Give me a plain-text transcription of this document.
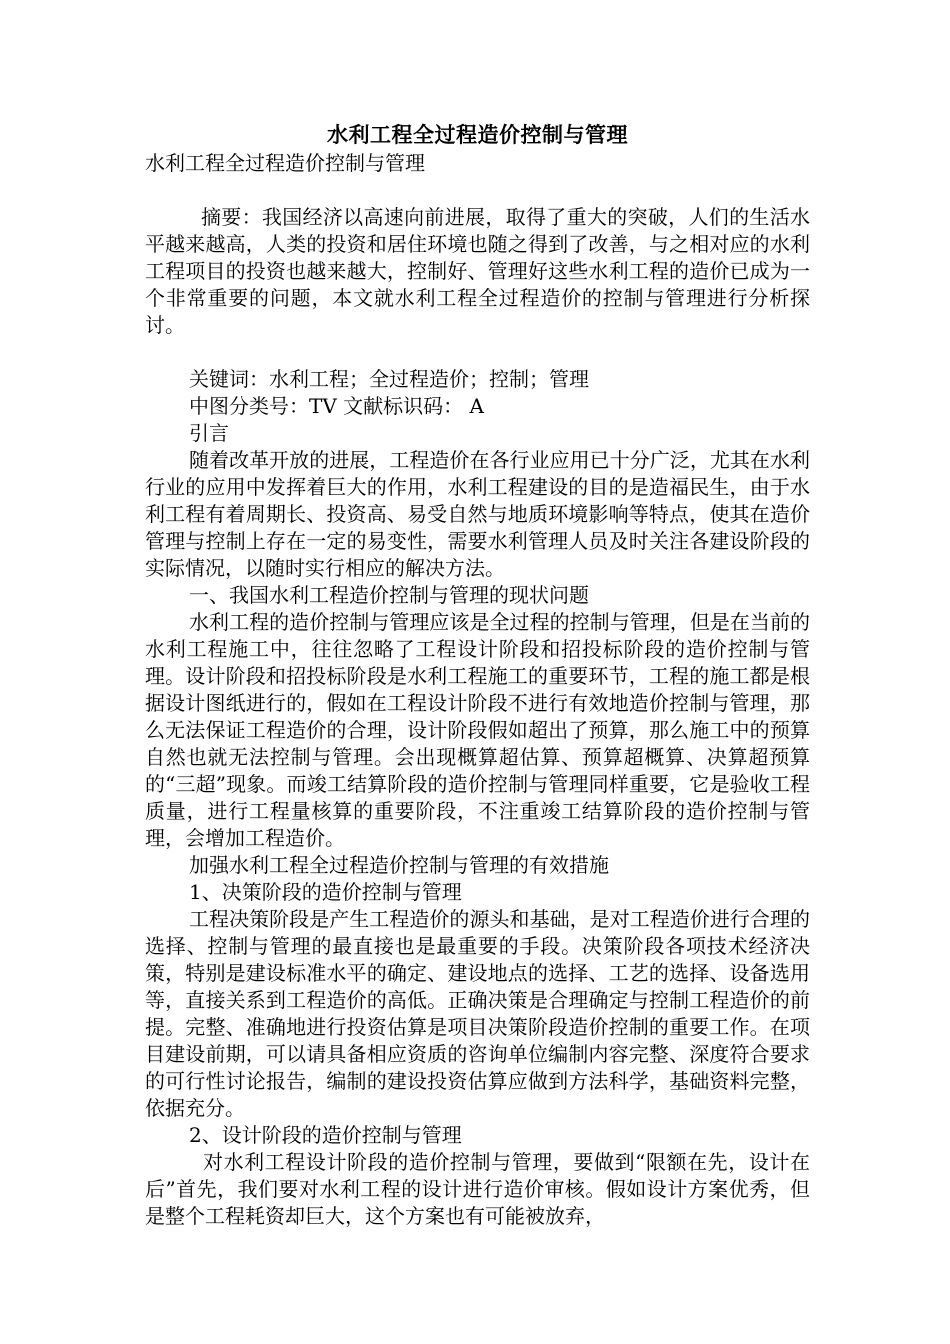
水利工程全过程造价控制与管理

水利工程全过程造价控制与管理

摘要：我国经济以高速向前进展，取得了重大的突破，人们的生活水平越来越高，人类的投资和居住环境也随之得到了改善，与之相对应的水利工程项目的投资也越来越大，控制好、管理好这些水利工程的造价已成为一个非常重要的问题，本文就水利工程全过程造价的控制与管理进行分析探讨。

关键词：水利工程；全过程造价；控制；管理

中图分类号：TV 文献标识码： A

引言

随着改革开放的进展，工程造价在各行业应用已十分广泛，尤其在水利行业的应用中发挥着巨大的作用，水利工程建设的目的是造福民生，由于水利工程有着周期长、投资高、易受自然与地质环境影响等特点，使其在造价管理与控制上存在一定的易变性，需要水利管理人员及时关注各建设阶段的实际情况，以随时实行相应的解决方法。

一、我国水利工程造价控制与管理的现状问题

水利工程的造价控制与管理应该是全过程的控制与管理，但是在当前的水利工程施工中，往往忽略了工程设计阶段和招投标阶段的造价控制与管理。设计阶段和招投标阶段是水利工程施工的重要环节，工程的施工都是根据设计图纸进行的，假如在工程设计阶段不进行有效地造价控制与管理，那么无法保证工程造价的合理，设计阶段假如超出了预算，那么施工中的预算自然也就无法控制与管理。会出现概算超估算、预算超概算、决算超预算的“三超”现象。而竣工结算阶段的造价控制与管理同样重要，它是验收工程质量，进行工程量核算的重要阶段，不注重竣工结算阶段的造价控制与管理，会增加工程造价。

加强水利工程全过程造价控制与管理的有效措施

1、决策阶段的造价控制与管理

工程决策阶段是产生工程造价的源头和基础，是对工程造价进行合理的选择、控制与管理的最直接也是最重要的手段。决策阶段各项技术经济决策，特别是建设标准水平的确定、建设地点的选择、工艺的选择、设备选用等，直接关系到工程造价的高低。正确决策是合理确定与控制工程造价的前提。完整、准确地进行投资估算是项目决策阶段造价控制的重要工作。在项目建设前期，可以请具备相应资质的咨询单位编制内容完整、深度符合要求的可行性讨论报告，编制的建设投资估算应做到方法科学，基础资料完整，依据充分。

2、设计阶段的造价控制与管理

对水利工程设计阶段的造价控制与管理，要做到“限额在先，设计在后”首先，我们要对水利工程的设计进行造价审核。假如设计方案优秀，但是整个工程耗资却巨大，这个方案也有可能被放弃，
